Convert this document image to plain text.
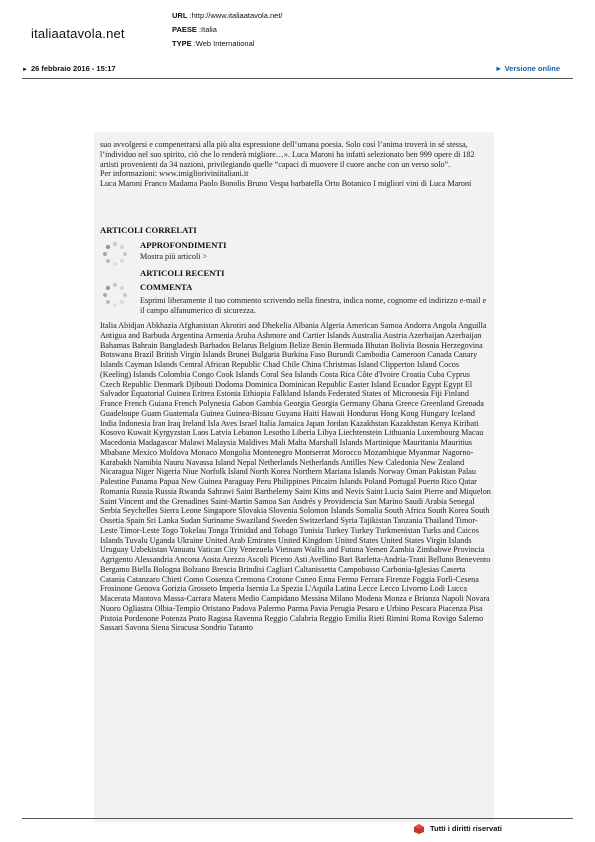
URL :http://www.italiaatavola.net/
PAESE :Italia
TYPE :Web International
italiaatavola.net
► 26 febbraio 2016 - 15:17	► Versione online

suo avvolgersi e compenetrarsi alla più alta espressione dell’umana poesia. Solo così l’anima troverà in sé stessa, l’individuo nel suo spirito, ciò che lo renderà migliore…». Luca Maroni ha infatti selezionato ben 999 opere di 182 artisti provenienti da 34 nazioni, privilegiando quelle “capaci di muovere il cuore anche con un verso solo”.

Per informazioni: www.imiglioriviniitaliani.it

Luca Maroni Franco Madama Paolo Bonolis Bruno Vespa barbatella Orto Botanico I migliori vini di Luca Maroni

ARTICOLI CORRELATI
APPROFONDIMENTI
Mostra più articoli >
ARTICOLI RECENTI
COMMENTA
Esprimi liberamente il tuo commento scrivendo nella finestra, indica nome, cognome ed indirizzo e-mail e il campo alfanumerico di sicurezza.

Italia Abidjan Abkhazia Afghanistan Akrotiri and Dhekelia Albania Algeria American Samoa Andorra Angola Anguilla Antigua and Barbuda Argentina Armenia Aruba Ashmore and Cartier Islands Australia Austria Azerbaijan Azerbaijan Bahamas Bahrain Bangladesh Barbados Belarus Belgium Belize Benin Bermuda Bhutan Bolivia Bosnia Herzegovina Botswana Brazil British Virgin Islands Brunei Bulgaria Burkina Faso Burundi Cambodia Cameroon Canada Canary Islands Cayman Islands Central African Republic Chad Chile China Christmas Island Clipperton Island Cocos (Keeling) Islands Colombia Congo Cook Islands Coral Sea Islands Costa Rica Côte d'Ivoire Croatia Cuba Cyprus Czech Republic Denmark Djibouti Dodoma Dominica Dominican Republic Easter Island Ecuador Egypt Egypt El Salvador Equatorial Guinea Eritrea Estonia Ethiopia Falkland Islands Federated States of Micronesia Fiji Finland France French Guiana French Polynesia Gabon Gambia Georgia Georgia Germany Ghana Greece Greenland Grenada Guadeloupe Guam Guatemala Guinea Guinea-Bissau Guyana Haiti Hawaii Honduras Hong Kong Hungary Iceland India Indonesia Iran Iraq Ireland Isla Aves Israel Italia Jamaica Japan Jordan Kazakhstan Kazakhstan Kenya Kiribati Kosovo Kuwait Kyrgyzstan Laos Latvia Lebanon Lesotho Liberia Libya Liechtenstein Lithuania Luxembourg Macau Macedonia Madagascar Malawi Malaysia Maldives Mali Malta Marshall Islands Martinique Mauritania Mauritius Mbabane Mexico Moldova Monaco Mongolia Montenegro Montserrat Morocco Mozambique Myanmar Nagorno-Karabakh Namibia Nauru Navassa Island Nepal Netherlands Netherlands Antilles New Caledonia New Zealand Nicaragua Niger Nigeria Niue Norfolk Island North Korea Northern Mariana Islands Norway Oman Pakistan Palau Palestine Panama Papua New Guinea Paraguay Peru Philippines Pitcairn Islands Poland Portugal Puerto Rico Qatar Romania Russia Russia Rwanda Sahrawi Saint Barthelemy Saint Kitts and Nevis Saint Lucia Saint Pierre and Miquelon Saint Vincent and the Grenadines Saint-Martin Samoa San Andrés y Providencia San Marino Saudi Arabia Senegal Serbia Seychelles Sierra Leone Singapore Slovakia Slovenia Solomon Islands Somalia South Africa South Korea South Ossetia Spain Sri Lanka Sudan Suriname Swaziland Sweden Switzerland Syria Tajikistan Tanzania Thailand Timor-Leste Timor-Leste Togo Tokelau Tonga Trinidad and Tobago Tunisia Turkey Turkey Turkmenistan Turks and Caicos Islands Tuvalu Uganda Ukraine United Arab Emirates United Kingdom United States United States Virgin Islands Uruguay Uzbekistan Vanuatu Vatican City Venezuela Vietnam Wallis and Futuna Yemen Zambia Zimbabwe Provincia Agrigento Alessandria Ancona Aosta Arezzo Ascoli Piceno Asti Avellino Bari Barletta-Andria-Trani Belluno Benevento Bergamo Biella Bologna Bolzano Brescia Brindisi Cagliari Caltanissetta Campobasso Carbonia-Iglesias Caserta Catania Catanzaro Chieti Como Cosenza Cremona Crotone Cuneo Enna Fermo Ferrara Firenze Foggia Forlì-Cesena Frosinone Genova Gorizia Grosseto Imperia Isernia La Spezia L'Aquila Latina Lecce Lecco Livorno Lodi Lucca Macerata Mantova Massa-Carrara Matera Medio Campidano Messina Milano Modena Monza e Brianza Napoli Novara Nuoro Ogliastra Olbia-Tempio Oristano Padova Palermo Parma Pavia Perugia Pesaro e Urbino Pescara Piacenza Pisa Pistoia Pordenone Potenza Prato Ragusa Ravenna Reggio Calabria Reggio Emilia Rieti Rimini Roma Rovigo Salerno Sassari Savona Siena Siracusa Sondrio Taranto

Tutti i diritti riservati
